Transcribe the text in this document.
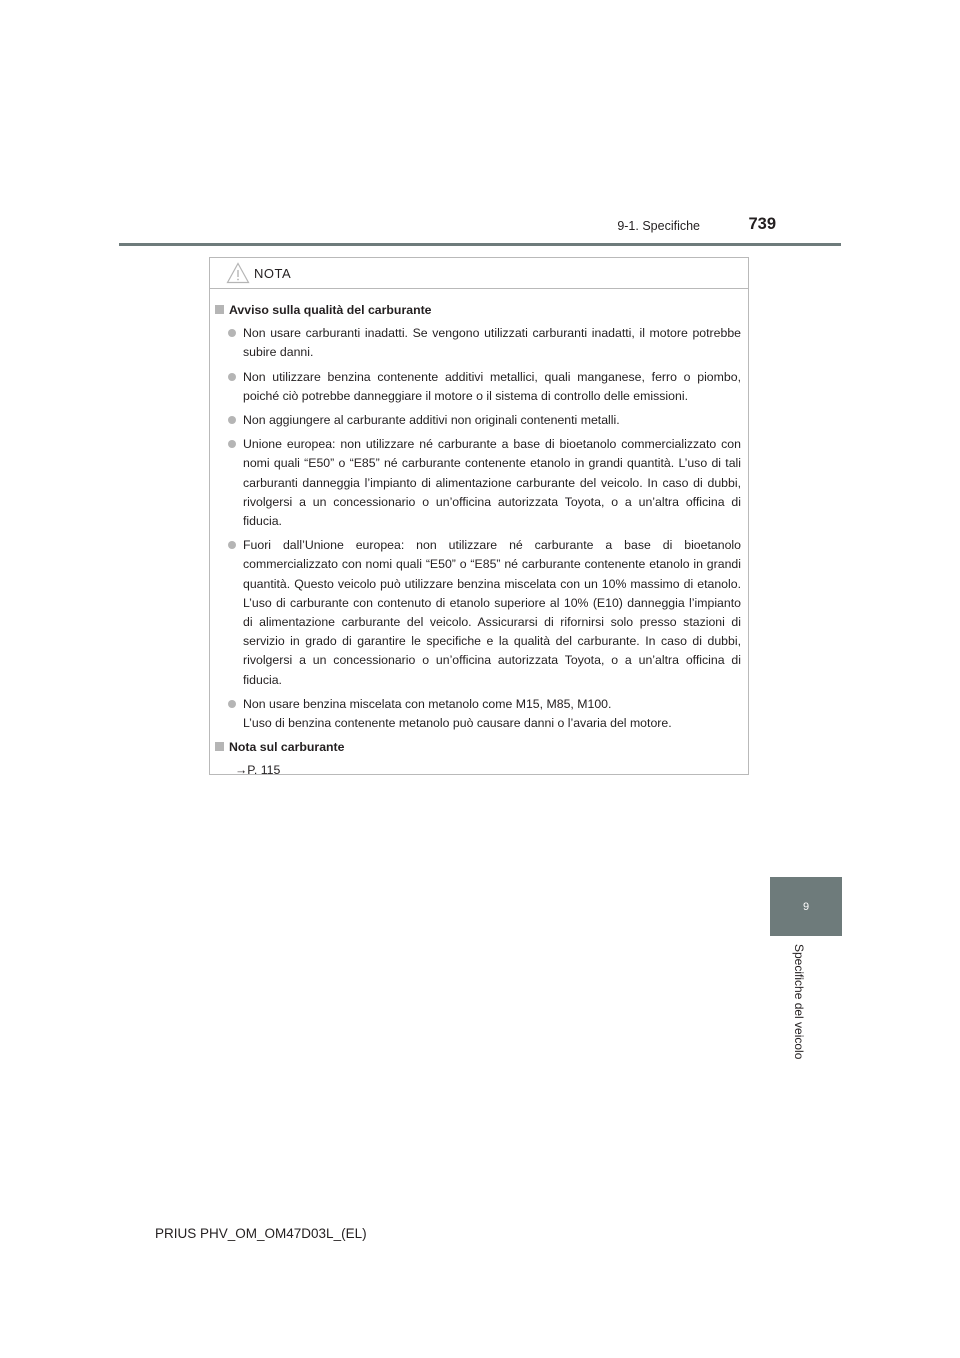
9-1. Specifiche	739
9
Specifiche del veicolo
NOTA
Avviso sulla qualità del carburante
Non usare carburanti inadatti. Se vengono utilizzati carburanti inadatti, il motore potrebbe subire danni.
Non utilizzare benzina contenente additivi metallici, quali manganese, ferro o piombo, poiché ciò potrebbe danneggiare il motore o il sistema di controllo delle emissioni.
Non aggiungere al carburante additivi non originali contenenti metalli.
Unione europea: non utilizzare né carburante a base di bioetanolo commercializzato con nomi quali “E50” o “E85” né carburante contenente etanolo in grandi quantità. L’uso di tali carburanti danneggia l’impianto di alimentazione carburante del veicolo. In caso di dubbi, rivolgersi a un concessionario o un’officina autorizzata Toyota, o a un’altra officina di fiducia.
Fuori dall’Unione europea: non utilizzare né carburante a base di bioetanolo commercializzato con nomi quali “E50” o “E85” né carburante contenente etanolo in grandi quantità. Questo veicolo può utilizzare benzina miscelata con un 10% massimo di etanolo. L’uso di carburante con contenuto di etanolo superiore al 10% (E10) danneggia l’impianto di alimentazione carburante del veicolo. Assicurarsi di rifornirsi solo presso stazioni di servizio in grado di garantire le specifiche e la qualità del carburante. In caso di dubbi, rivolgersi a un concessionario o un’officina autorizzata Toyota, o a un’altra officina di fiducia.
Non usare benzina miscelata con metanolo come M15, M85, M100.
L’uso di benzina contenente metanolo può causare danni o l’avaria del motore.
Nota sul carburante
→P. 115
PRIUS PHV_OM_OM47D03L_(EL)
